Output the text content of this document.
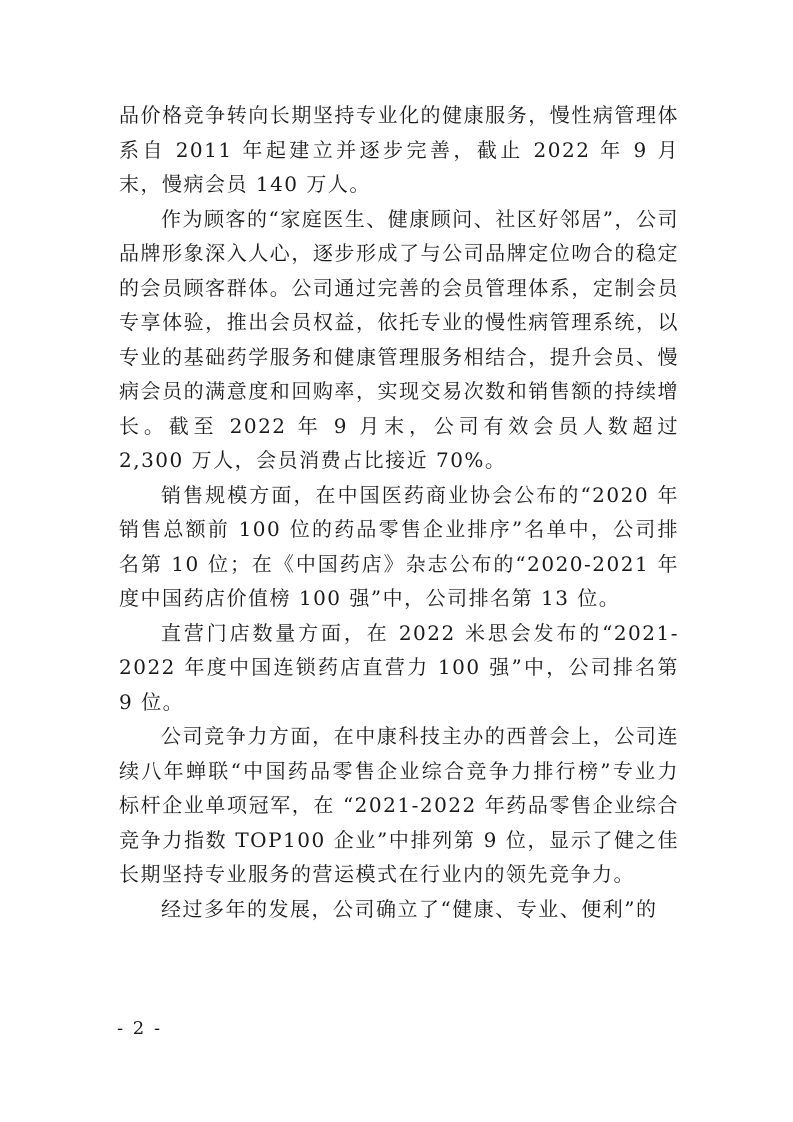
品价格竞争转向长期坚持专业化的健康服务，慢性病管理体系自 2011 年起建立并逐步完善，截止 2022 年 9 月末，慢病会员 140 万人。

作为顾客的“家庭医生、健康顾问、社区好邻居”，公司品牌形象深入人心，逐步形成了与公司品牌定位吻合的稳定的会员顾客群体。公司通过完善的会员管理体系，定制会员专享体验，推出会员权益，依托专业的慢性病管理系统，以专业的基础药学服务和健康管理服务相结合，提升会员、慢病会员的满意度和回购率，实现交易次数和销售额的持续增长。截至 2022 年 9 月末，公司有效会员人数超过 2,300 万人，会员消费占比接近 70%。

销售规模方面，在中国医药商业协会公布的“2020 年销售总额前 100 位的药品零售企业排序”名单中，公司排名第 10 位；在《中国药店》杂志公布的“2020-2021 年度中国药店价值榜 100 强”中，公司排名第 13 位。

直营门店数量方面，在 2022 米思会发布的“2021-2022 年度中国连锁药店直营力 100 强”中，公司排名第 9 位。

公司竞争力方面，在中康科技主办的西普会上，公司连续八年蝉联“中国药品零售企业综合竞争力排行榜”专业力标杆企业单项冠军，在 “2021-2022 年药品零售企业综合竞争力指数 TOP100 企业”中排列第 9 位，显示了健之佳长期坚持专业服务的营运模式在行业内的领先竞争力。

经过多年的发展，公司确立了“健康、专业、便利”的

- 2 -
